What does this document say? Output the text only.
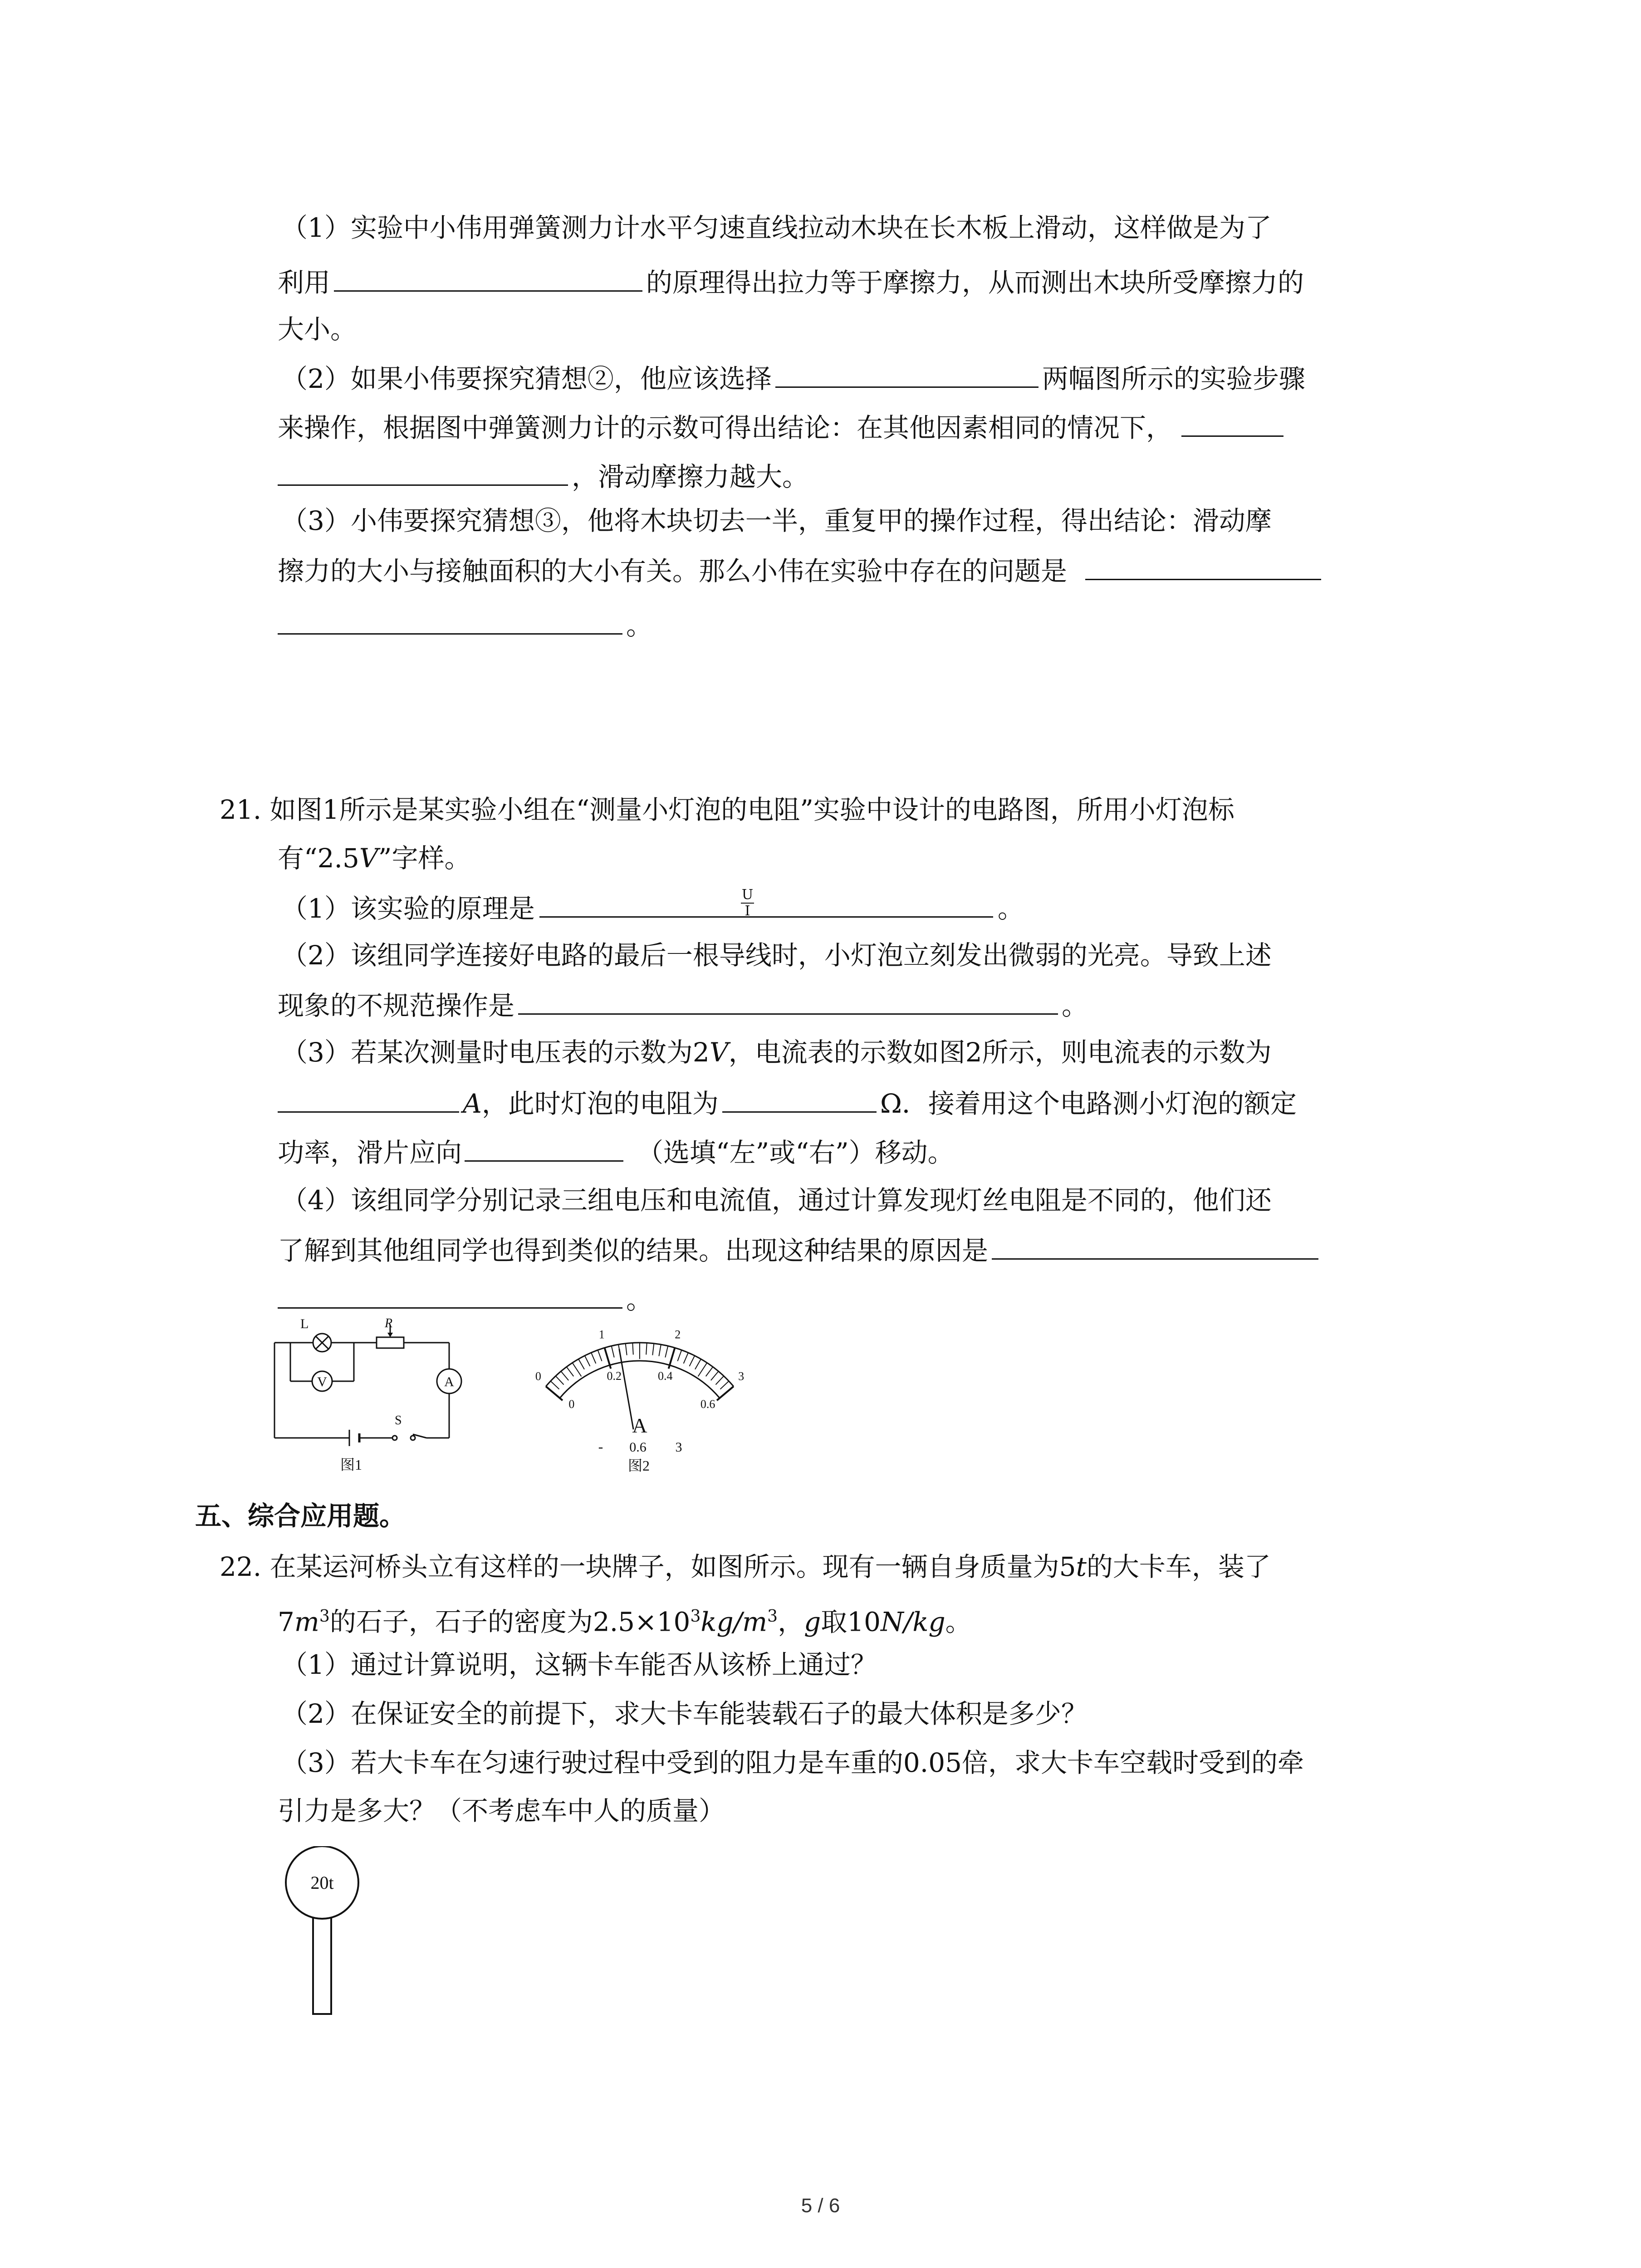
（1）实验中小伟用弹簧测力计水平匀速直线拉动木块在长木板上滑动，这样做是为了
利用	的原理得出拉力等于摩擦力，从而测出木块所受摩擦力的
大小。
（2）如果小伟要探究猜想②，他应该选择	两幅图所示的实验步骤
来操作，根据图中弹簧测力计的示数可得出结论：在其他因素相同的情况下，
，滑动摩擦力越大。
（3）小伟要探究猜想③，他将木块切去一半，重复甲的操作过程，得出结论：滑动摩
擦力的大小与接触面积的大小有关。那么小伟在实验中存在的问题是
。
21. 如图1所示是某实验小组在“测量小灯泡的电阻”实验中设计的电路图，所用小灯泡标
有“2.5V”字样。
（1）该实验的原理是	$\frac{U}{I}$	。
（2）该组同学连接好电路的最后一根导线时，小灯泡立刻发出微弱的光亮。导致上述
现象的不规范操作是	。
（3）若某次测量时电压表的示数为2V，电流表的示数如图2所示，则电流表的示数为
A，此时灯泡的电阻为	Ω．接着用这个电路测小灯泡的额定
功率，滑片应向	（选填“左”或“右”）移动。
（4）该组同学分别记录三组电压和电流值，通过计算发现灯丝电阻是不同的，他们还
了解到其他组同学也得到类似的结果。出现这种结果的原因是
。
V	A
L	R
S
图1
0
1	2
3
0
0.2	0.4
0.6
A
- 0.6 3
图2
五、综合应用题。
22. 在某运河桥头立有这样的一块牌子，如图所示。现有一辆自身质量为5t的大卡车，装了
$7m^3$的石子，石子的密度为$2.5\times 10^3kg/m^3$，g取10N/kg。
（1）通过计算说明，这辆卡车能否从该桥上通过？
（2）在保证安全的前提下，求大卡车能装载石子的最大体积是多少？
（3）若大卡车在匀速行驶过程中受到的阻力是车重的0.05倍，求大卡车空载时受到的牵
引力是多大？（不考虑车中人的质量）
20t
5 / 6
